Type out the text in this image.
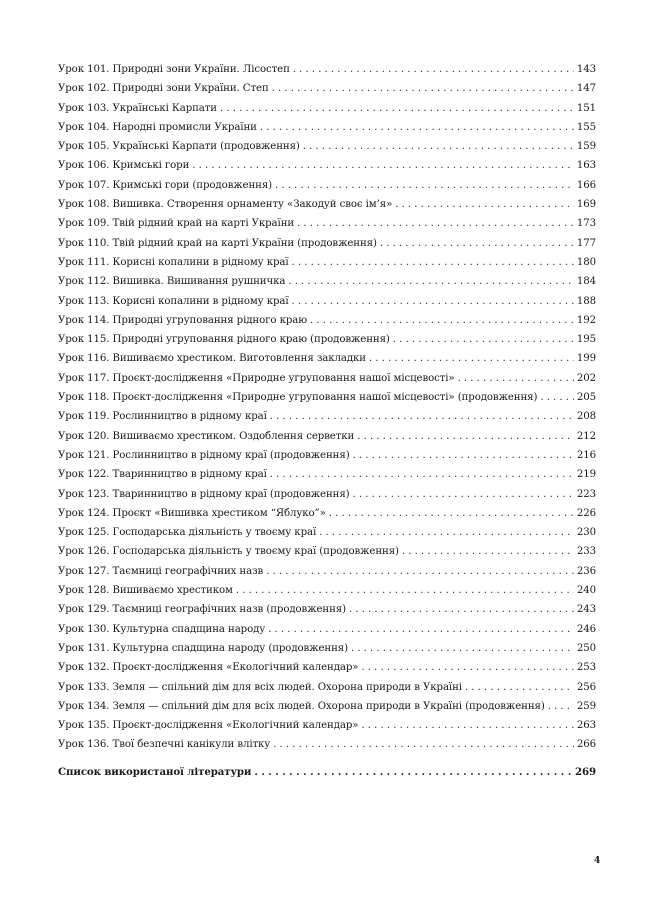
Урок 101. Природні зони України. Лісостеп . . .	143
Урок 102. Природні зони України. Степ . . .	147
Урок 103. Українські Карпати . . .	151
Урок 104. Народні промисли України . . .	155
Урок 105. Українські Карпати (продовження) . . .	159
Урок 106. Кримські гори . . .	163
Урок 107. Кримські гори (продовження) . . .	166
Урок 108. Вишивка. Створення орнаменту «Закодуй своє ім’я» . . .	169
Урок 109. Твій рідний край на карті України . . .	173
Урок 110. Твій рідний край на карті України (продовження) . . .	177
Урок 111. Корисні копалини в рідному краї . . .	180
Урок 112. Вишивка. Вишивання рушничка . . .	184
Урок 113. Корисні копалини в рідному краї . . .	188
Урок 114. Природні угруповання рідного краю . . .	192
Урок 115. Природні угруповання рідного краю (продовження) . . .	195
Урок 116. Вишиваємо хрестиком. Виготовлення закладки . . .	199
Урок 117. Проєкт-дослідження «Природне угруповання нашої місцевості» . . .	202
Урок 118. Проєкт-дослідження «Природне угруповання нашої місцевості» (продовження) . . .	205
Урок 119. Рослинництво в рідному краї . . .	208
Урок 120. Вишиваємо хрестиком. Оздоблення серветки . . .	212
Урок 121. Рослинництво в рідному краї (продовження) . . .	216
Урок 122. Тваринництво в рідному краї . . .	219
Урок 123. Тваринництво в рідному краї (продовження) . . .	223
Урок 124. Проєкт «Вишивка хрестиком “Яблуко”» . . .	226
Урок 125. Господарська діяльність у твоєму краї . . .	230
Урок 126. Господарська діяльність у твоєму краї (продовження) . . .	233
Урок 127. Таємниці географічних назв . . .	236
Урок 128. Вишиваємо хрестиком . . .	240
Урок 129. Таємниці географічних назв (продовження) . . .	243
Урок 130. Культурна спадщина народу . . .	246
Урок 131. Культурна спадщина народу (продовження) . . .	250
Урок 132. Проєкт-дослідження «Екологічний календар» . . .	253
Урок 133. Земля — спільний дім для всіх людей. Охорона природи в Україні . . .	256
Урок 134. Земля — спільний дім для всіх людей. Охорона природи в Україні (продовження) . . .	259
Урок 135. Проєкт-дослідження «Екологічний календар» . . .	263
Урок 136. Твої безпечні канікули влітку . . .	266
Список використаної літератури . . .	269
4
